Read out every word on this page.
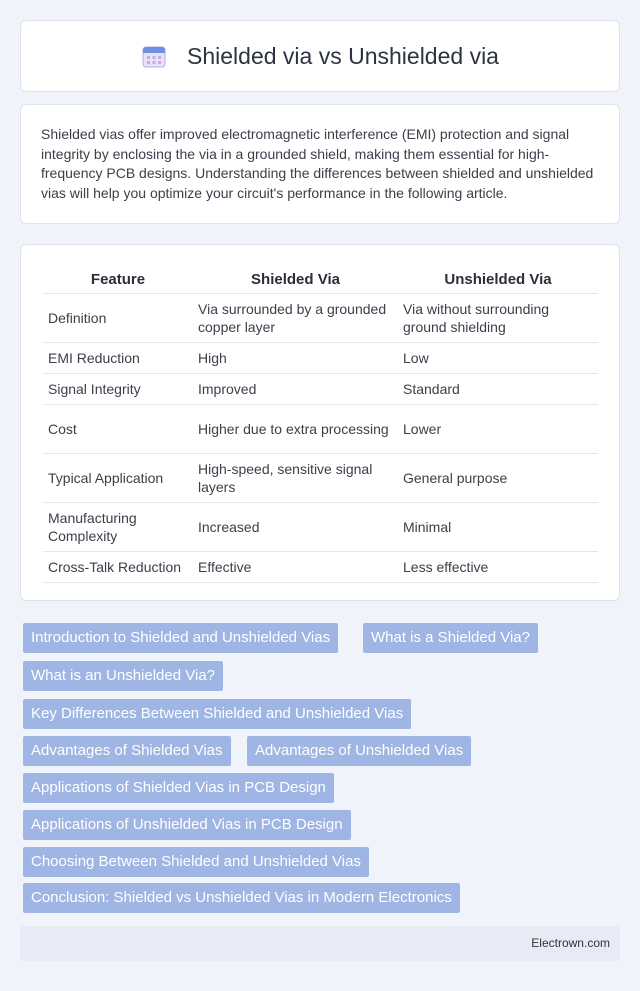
Shielded via vs Unshielded via

Shielded vias offer improved electromagnetic interference (EMI) protection and signal integrity by enclosing the via in a grounded shield, making them essential for high-frequency PCB designs. Understanding the differences between shielded and unshielded vias will help you optimize your circuit's performance in the following article.

Feature	Shielded Via	Unshielded Via
Definition	Via surrounded by a grounded copper layer	Via without surrounding ground shielding
EMI Reduction	High	Low
Signal Integrity	Improved	Standard
Cost	Higher due to extra processing	Lower
Typical Application	High-speed, sensitive signal layers	General purpose
Manufacturing Complexity	Increased	Minimal
Cross-Talk Reduction	Effective	Less effective
Introduction to Shielded and Unshielded Vias	What is a Shielded Via?
What is an Unshielded Via?
Key Differences Between Shielded and Unshielded Vias
Advantages of Shielded Vias	Advantages of Unshielded Vias
Applications of Shielded Vias in PCB Design
Applications of Unshielded Vias in PCB Design
Choosing Between Shielded and Unshielded Vias
Conclusion: Shielded vs Unshielded Vias in Modern Electronics
Electrown.com
